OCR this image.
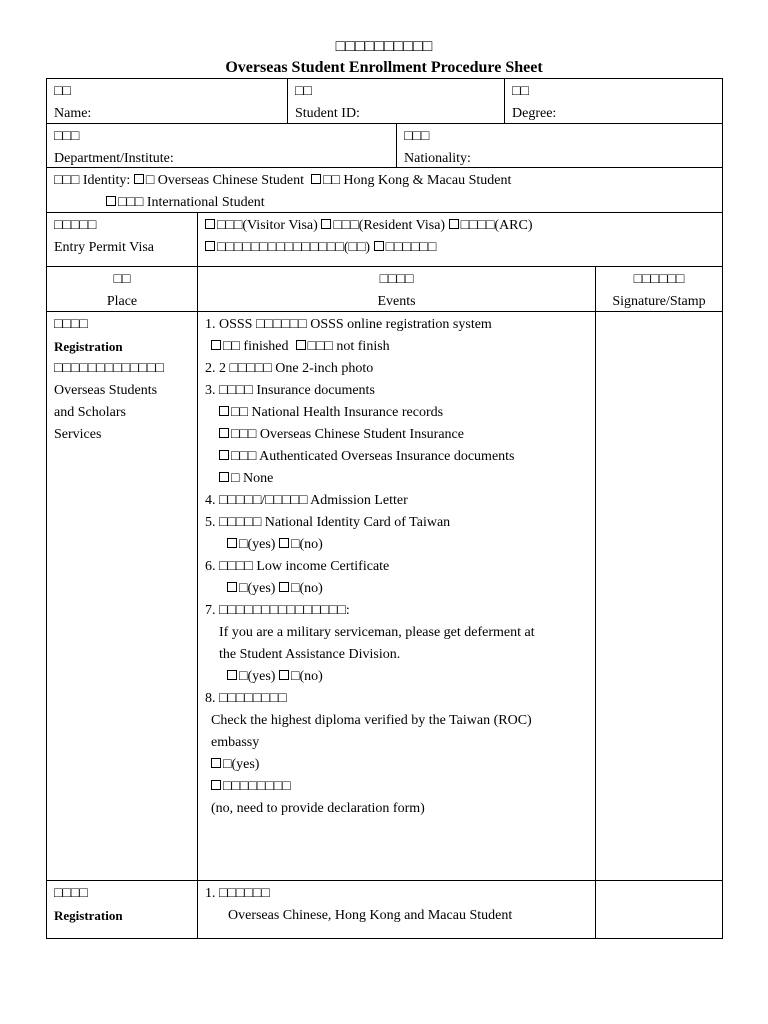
□□□□□□□□□□
Overseas Student Enrollment Procedure Sheet
□□
Name:
□□
Student ID:
□□
Degree:
□□□
Department/Institute:
□□□
Nationality:
□□□ Identity: □ Overseas Chinese Student □□ Hong Kong & Macau Student
□□□ International Student
□□□□□
Entry Permit Visa
□□□(Visitor Visa) □□□(Resident Visa) □□□□(ARC)
□□□□□□□□□□□□□□□(□□) □□□□□□
□□
Place
□□□□
Events
□□□□□□
Signature/Stamp
□□□□
Registration
□□□□□□□□□□□□□
Overseas Students
and Scholars
Services
1. OSSS □□□□□□ OSSS online registration system
□□ finished □□□ not finish
2. 2 □□□□□ One 2-inch photo
3. □□□□ Insurance documents
□□ National Health Insurance records
□□□ Overseas Chinese Student Insurance
□□□ Authenticated Overseas Insurance documents
□ None
4. □□□□□/□□□□□ Admission Letter
5. □□□□□ National Identity Card of Taiwan
□(yes) □(no)
6. □□□□ Low income Certificate
□(yes) □(no)
7. □□□□□□□□□□□□□□□:
If you are a military serviceman, please get deferment at
the Student Assistance Division.
□(yes) □(no)
8. □□□□□□□□
Check the highest diploma verified by the Taiwan (ROC)
embassy
□(yes)
□□□□□□□□
(no, need to provide declaration form)
□□□□
Registration
1. □□□□□□
Overseas Chinese, Hong Kong and Macau Student
